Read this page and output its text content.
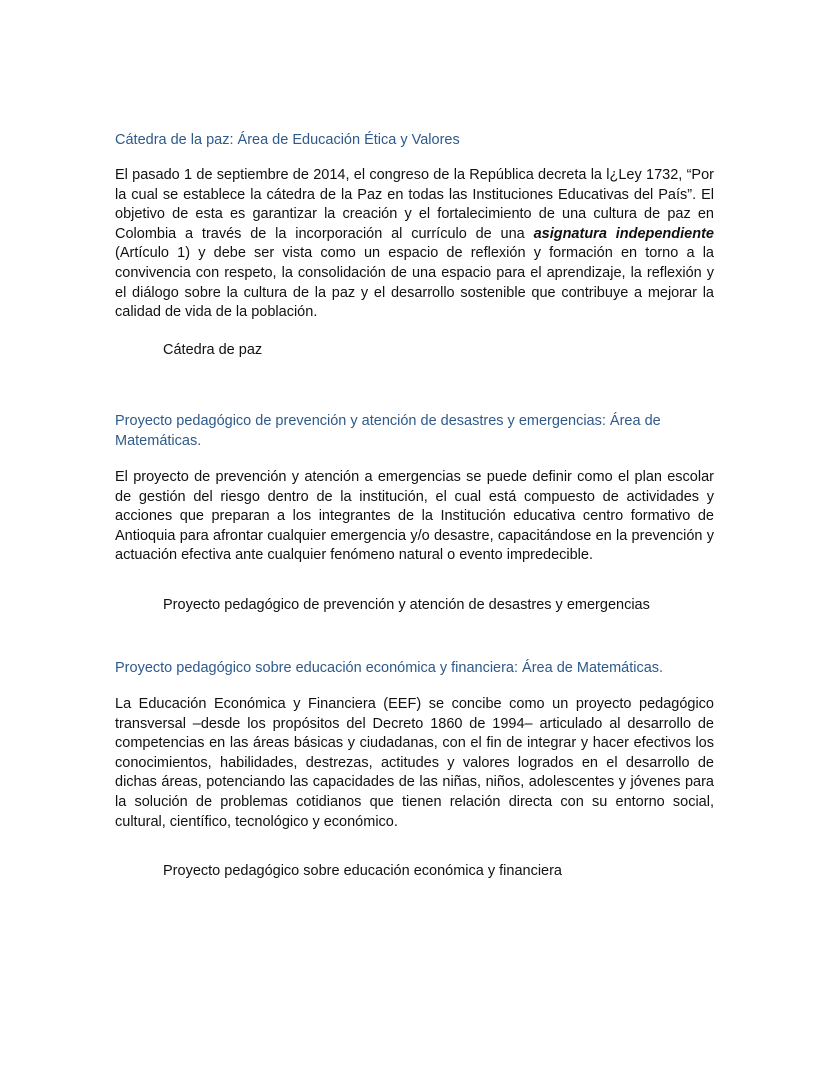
Cátedra de la paz: Área de Educación Ética y Valores

El pasado 1 de septiembre de 2014, el congreso de la República decreta la l¿Ley 1732, “Por la cual se establece la cátedra de la Paz en todas las Instituciones Educativas del País”. El objetivo de esta es garantizar la creación y el fortalecimiento de una cultura de paz en Colombia a través de la incorporación al currículo de una asignatura independiente (Artículo 1) y debe ser vista como un espacio de reflexión y formación en torno a la convivencia con respeto, la consolidación de una espacio para el aprendizaje, la reflexión y el diálogo sobre la cultura de la paz y el desarrollo sostenible que contribuye a mejorar la calidad de vida de la población.

Cátedra de paz

Proyecto pedagógico de prevención y atención de desastres y emergencias: Área de Matemáticas.

El proyecto de prevención y atención a emergencias se puede definir como el plan escolar de gestión del riesgo dentro de la institución, el cual está compuesto de actividades y acciones que preparan a los integrantes de la Institución educativa centro formativo de Antioquia para afrontar cualquier emergencia y/o desastre, capacitándose en la prevención y actuación efectiva ante cualquier fenómeno natural o evento impredecible.

Proyecto pedagógico de prevención y atención de desastres y emergencias

Proyecto pedagógico sobre educación económica y financiera: Área de Matemáticas.

La Educación Económica y Financiera (EEF) se concibe como un proyecto pedagógico transversal –desde los propósitos del Decreto 1860 de 1994– articulado al desarrollo de competencias en las áreas básicas y ciudadanas, con el fin de integrar y hacer efectivos los conocimientos, habilidades, destrezas, actitudes y valores logrados en el desarrollo de dichas áreas, potenciando las capacidades de las niñas, niños, adolescentes y jóvenes para la solución de problemas cotidianos que tienen relación directa con su entorno social, cultural, científico, tecnológico y económico.

Proyecto pedagógico sobre educación económica y financiera
